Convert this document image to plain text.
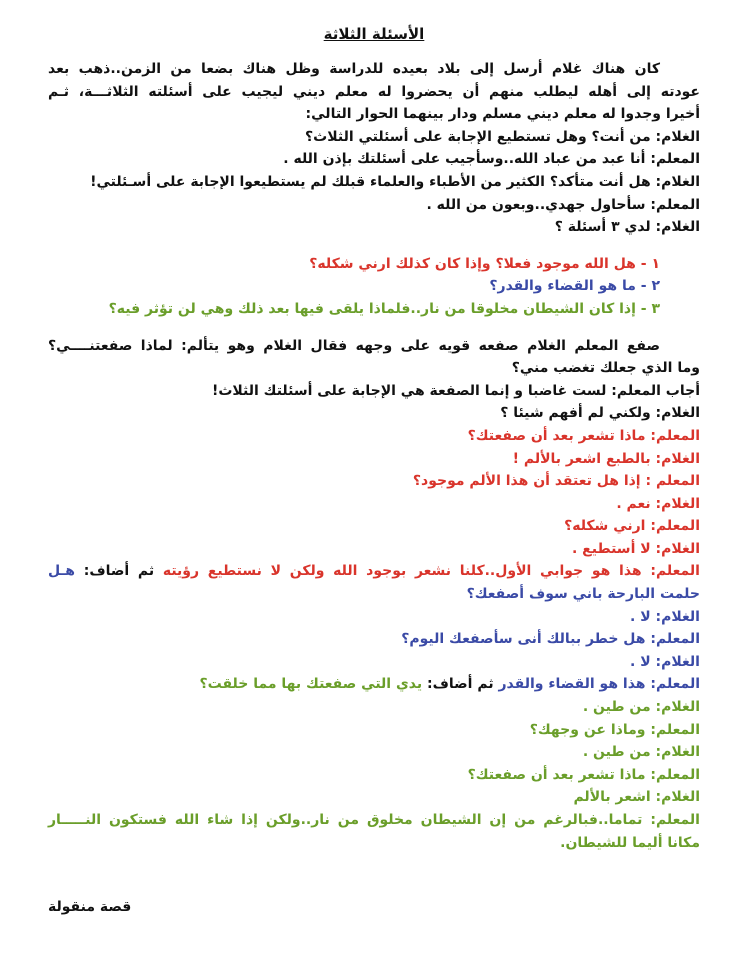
الأسئلة الثلاثة
كان هناك غلام أرسل إلى بلاد بعيده للدراسة وظل هناك بضعا من الزمن..ذهب بعد
عودته إلى أهله ليطلب منهم أن يحضروا له معلم ديني ليجيب على أسئلته الثلاثـــة، ثـم
أخيرا وجدوا له معلم ديني مسلم ودار بينهما الحوار التالي:
الغلام: من أنت؟ وهل تستطيع الإجابة على أسئلتي الثلاث؟
المعلم: أنا عبد من عباد الله..وسأجيب على أسئلتك بإذن الله .
الغلام: هل أنت متأكد؟ الكثير من الأطباء والعلماء قبلك لم يستطيعوا الإجابة على أسـئلتي!
المعلم: سأحاول جهدي..وبعون من الله .
الغلام: لدي ٣ أسئلة ؟
١ - هل الله موجود فعلا؟ وإذا كان كذلك ارني شكله؟
٢ - ما هو القضاء والقدر؟
٣ - إذا كان الشيطان مخلوقا من نار..فلماذا يلقى فيها بعد ذلك وهي لن تؤثر فيه؟
صفع المعلم الغلام صفعه قويه على وجهه فقال الغلام وهو يتألم: لماذا صفعتنــــي؟
وما الذي جعلك تغضب مني؟
أجاب المعلم: لست غاضبا و إنما الصفعة هي الإجابة على أسئلتك الثلاث!
الغلام: ولكني لم أفهم شيئا ؟
المعلم: ماذا تشعر بعد أن صفعتك؟
الغلام: بالطبع اشعر بالألم !
المعلم : إذا هل تعتقد أن هذا الألم موجود؟
الغلام: نعم .
المعلم: ارني شكله؟
الغلام: لا أستطيع .
المعلم: هذا هو جوابي الأول..كلنا نشعر بوجود الله ولكن لا نستطيع رؤيته ثم أضاف: هـل
حلمت البارحة باني سوف أصفعك؟
الغلام: لا .
المعلم: هل خطر ببالك أنى سأصفعك اليوم؟
الغلام: لا .
المعلم: هذا هو القضاء والقدر ثم أضاف: يدي التي صفعتك بها مما خلقت؟
الغلام: من طين .
المعلم: وماذا عن وجهك؟
الغلام: من طين .
المعلم: ماذا تشعر بعد أن صفعتك؟
الغلام: اشعر بالألم
المعلم: تماما..فبالرغم من إن الشيطان مخلوق من نار..ولكن إذا شاء الله فستكون النـــــار
مكانا أليما للشيطان.
قصة منقولة
